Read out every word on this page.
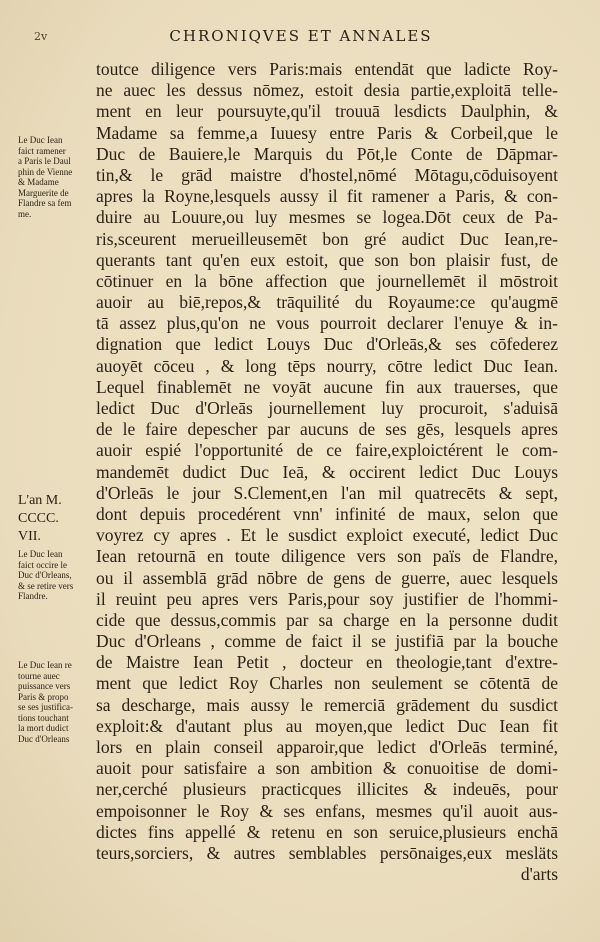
2v	CHRONIQVES ET ANNALES
toutce diligence vers Paris:mais entendāt que ladicte Roy-
ne auec les dessus nōmez, estoit desia partie,exploitā telle-
ment en leur poursuyte,qu'il trouuā lesdicts Daulphin, &
Madame sa femme,a Iuuesy entre Paris & Corbeil,que le
Duc de Bauiere,le Marquis du Pōt,le Conte de Dāpmar-
tin,& le grād maistre d'hostel,nōmé Mōtagu,cōduisoyent
apres la Royne,lesquels aussy il fit ramener a Paris, & con-
duire au Louure,ou luy mesmes se logea.Dōt ceux de Pa-
ris,sceurent merueilleusemēt bon gré audict Duc Iean,re-
querants tant qu'en eux estoit, que son bon plaisir fust, de
cōtinuer en la bōne affection que journellemēt il mōstroit
auoir au biē,repos,& trāquilité du Royaume:ce qu'augmē
tā assez plus,qu'on ne vous pourroit declarer l'enuye & in-
dignation que ledict Louys Duc d'Orleās,& ses cōfederez
auoyēt cōceu , & long tēps nourry, cōtre ledict Duc Iean.
Lequel finablemēt ne voyāt aucune fin aux trauerses, que
ledict Duc d'Orleās journellement luy procuroit, s'aduisā
de le faire depescher par aucuns de ses gēs, lesquels apres
auoir espié l'opportunité de ce faire,exploictérent le com-
mandemēt dudict Duc Ieā, & occirent ledict Duc Louys
d'Orleās le jour S.Clement,en l'an mil quatrecēts & sept,
dont depuis procedérent vnn' infinité de maux, selon que
voyrez cy apres . Et le susdict exploict executé, ledict Duc
Iean retournā en toute diligence vers son païs de Flandre,
ou il assemblā grād nōbre de gens de guerre, auec lesquels
il reuint peu apres vers Paris,pour soy justifier de l'hommi-
cide que dessus,commis par sa charge en la personne dudit
Duc d'Orleans , comme de faict il se justifiā par la bouche
de Maistre Iean Petit , docteur en theologie,tant d'extre-
ment que ledict Roy Charles non seulement se cōtentā de
sa descharge, mais aussy le remerciā grādement du susdict
exploit:& d'autant plus au moyen,que ledict Duc Iean fit
lors en plain conseil apparoir,que ledict d'Orleās terminé,
auoit pour satisfaire a son ambition & conuoitise de domi-
ner,cerché plusieurs practicques illicites & indeuēs, pour
empoisonner le Roy & ses enfans, mesmes qu'il auoit aus-
dictes fins appellé & retenu en son seruice,plusieurs enchā
teurs,sorciers, & autres semblables persōnaiges,eux mesläts
d'arts
Le Duc Iean
faict ramener
a Paris le Daul
phin de Vienne
& Madame
Marguerite de
Flandre sa fem
me.
L'an M.
CCCC.
VII.
Le Duc Iean
faict occire le
Duc d'Orleans,
& se retire vers
Flandre.
Le Duc Iean re
tourne auec
puissance vers
Paris & propo
se ses justifica-
tions touchant
la mort dudict
Duc d'Orleans
